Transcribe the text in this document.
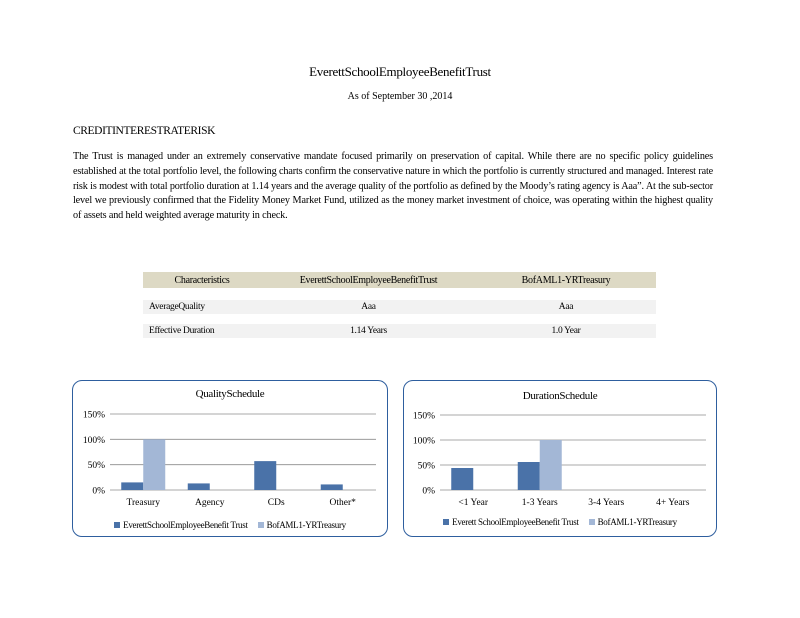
EverettSchoolEmployeeBenefitTrust
As of September 30 ,2014
CREDITINTERESTRATERISK
The Trust is managed under an extremely conservative mandate focused primarily on preservation of capital. While there are no specific policy guidelines established at the total portfolio level, the following charts confirm the conservative nature in which the portfolio is currently structured and managed. Interest rate risk is modest with total portfolio duration at 1.14 years and the average quality of the portfolio as defined by the Moody’s rating agency is Aaa”. At the sub-sector level we previously confirmed that the Fidelity Money Market Fund, utilized as the money market investment of choice, was operating within the highest quality of assets and held weighted average maturity in check.
Characteristics	EverettSchoolEmployeeBenefitTrust	BofAML1-YRTreasury
AverageQuality	Aaa	Aaa
Effective Duration	1.14 Years	1.0 Year
QualitySchedule
0%
50%
100%
150%
Treasury	Agency	CDs	Other*
EverettSchoolEmployeeBenefit Trust BofAML1-YRTreasury
DurationSchedule
0%
50%
100%
150%
<1 Year	1-3 Years	3-4 Years	4+ Years
Everett SchoolEmployeeBenefit Trust BofAML1-YRTreasury
